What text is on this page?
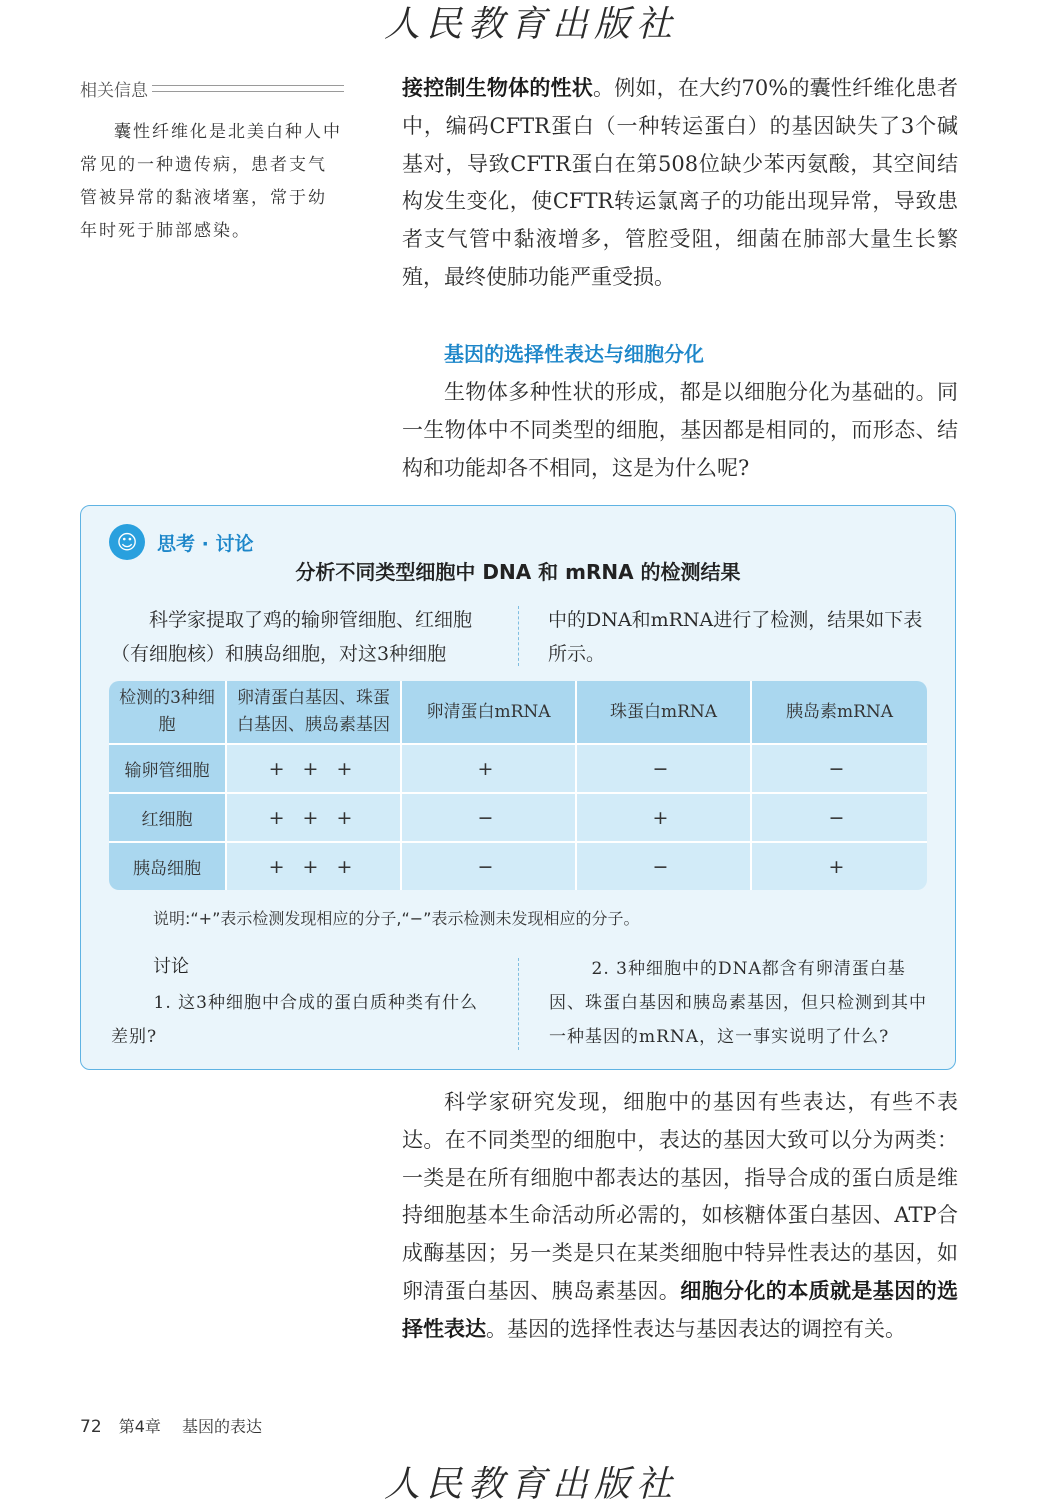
人民教育出版社
相关信息

囊性纤维化是北美白种人中常见的一种遗传病，患者支气管被异常的黏液堵塞，常于幼年时死于肺部感染。

接控制生物体的性状。例如，在大约70%的囊性纤维化患者中，编码CFTR蛋白（一种转运蛋白）的基因缺失了3个碱基对，导致CFTR蛋白在第508位缺少苯丙氨酸，其空间结构发生变化，使CFTR转运氯离子的功能出现异常，导致患者支气管中黏液增多，管腔受阻，细菌在肺部大量生长繁殖，最终使肺功能严重受损。

基因的选择性表达与细胞分化

生物体多种性状的形成，都是以细胞分化为基础的。同一生物体中不同类型的细胞，基因都是相同的，而形态、结构和功能却各不相同，这是为什么呢?

☺	思考 · 讨论
分析不同类型细胞中 DNA 和 mRNA 的检测结果

科学家提取了鸡的输卵管细胞、红细胞（有细胞核）和胰岛细胞，对这3种细胞

中的DNA和mRNA进行了检测，结果如下表所示。

检测的3种细胞	卵清蛋白基因、珠蛋白基因、胰岛素基因	卵清蛋白mRNA	珠蛋白mRNA	胰岛素mRNA
输卵管细胞	+ + +	+	−	−
红细胞	+ + +	−	+	−
胰岛细胞	+ + +	−	−	+

说明:“+”表示检测发现相应的分子,“−”表示检测未发现相应的分子。

讨论

1. 这3种细胞中合成的蛋白质种类有什么差别?

2. 3种细胞中的DNA都含有卵清蛋白基因、珠蛋白基因和胰岛素基因，但只检测到其中一种基因的mRNA，这一事实说明了什么?

科学家研究发现，细胞中的基因有些表达，有些不表达。在不同类型的细胞中，表达的基因大致可以分为两类：一类是在所有细胞中都表达的基因，指导合成的蛋白质是维持细胞基本生命活动所必需的，如核糖体蛋白基因、ATP合成酶基因；另一类是只在某类细胞中特异性表达的基因，如卵清蛋白基因、胰岛素基因。细胞分化的本质就是基因的选择性表达。基因的选择性表达与基因表达的调控有关。

72 第4章 基因的表达
人民教育出版社
